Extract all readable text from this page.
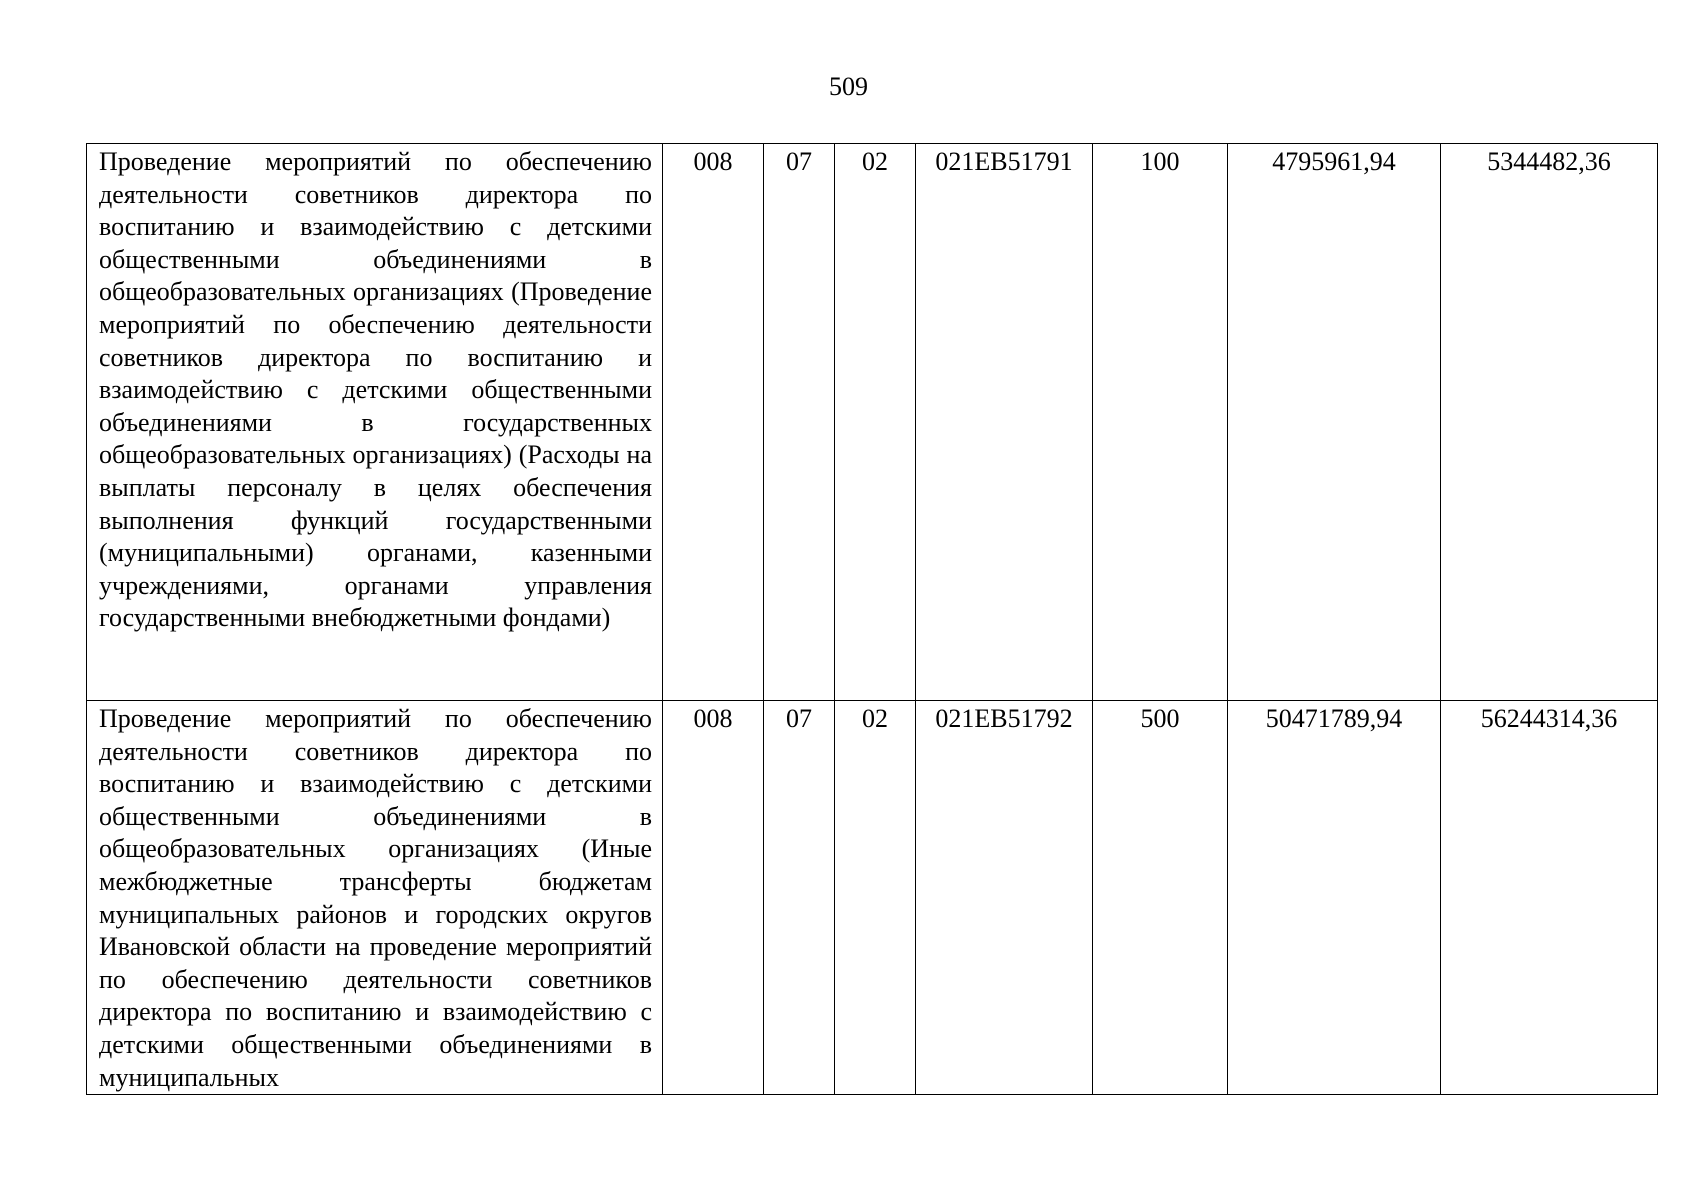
509
Проведение мероприятий по обеспечению деятельности советников директора по воспитанию и взаимодействию с детскими общественными объединениями в общеобразовательных организациях (Проведение мероприятий по обеспечению деятельности советников директора по воспитанию и взаимодействию с детскими общественными объединениями в государственных общеобразовательных организациях) (Расходы на выплаты персоналу в целях обеспечения выполнения функций государственными (муниципальными) органами, казенными учреждениями, органами управления государственными внебюджетными фондами)	008	07	02	021EB51791	100	4795961,94	5344482,36
Проведение мероприятий по обеспечению деятельности советников директора по воспитанию и взаимодействию с детскими общественными объединениями в общеобразовательных организациях (Иные межбюджетные трансферты бюджетам муниципальных районов и городских округов Ивановской области на проведение мероприятий по обеспечению деятельности советников директора по воспитанию и взаимодействию с детскими общественными объединениями в муниципальных	008	07	02	021EB51792	500	50471789,94	56244314,36
